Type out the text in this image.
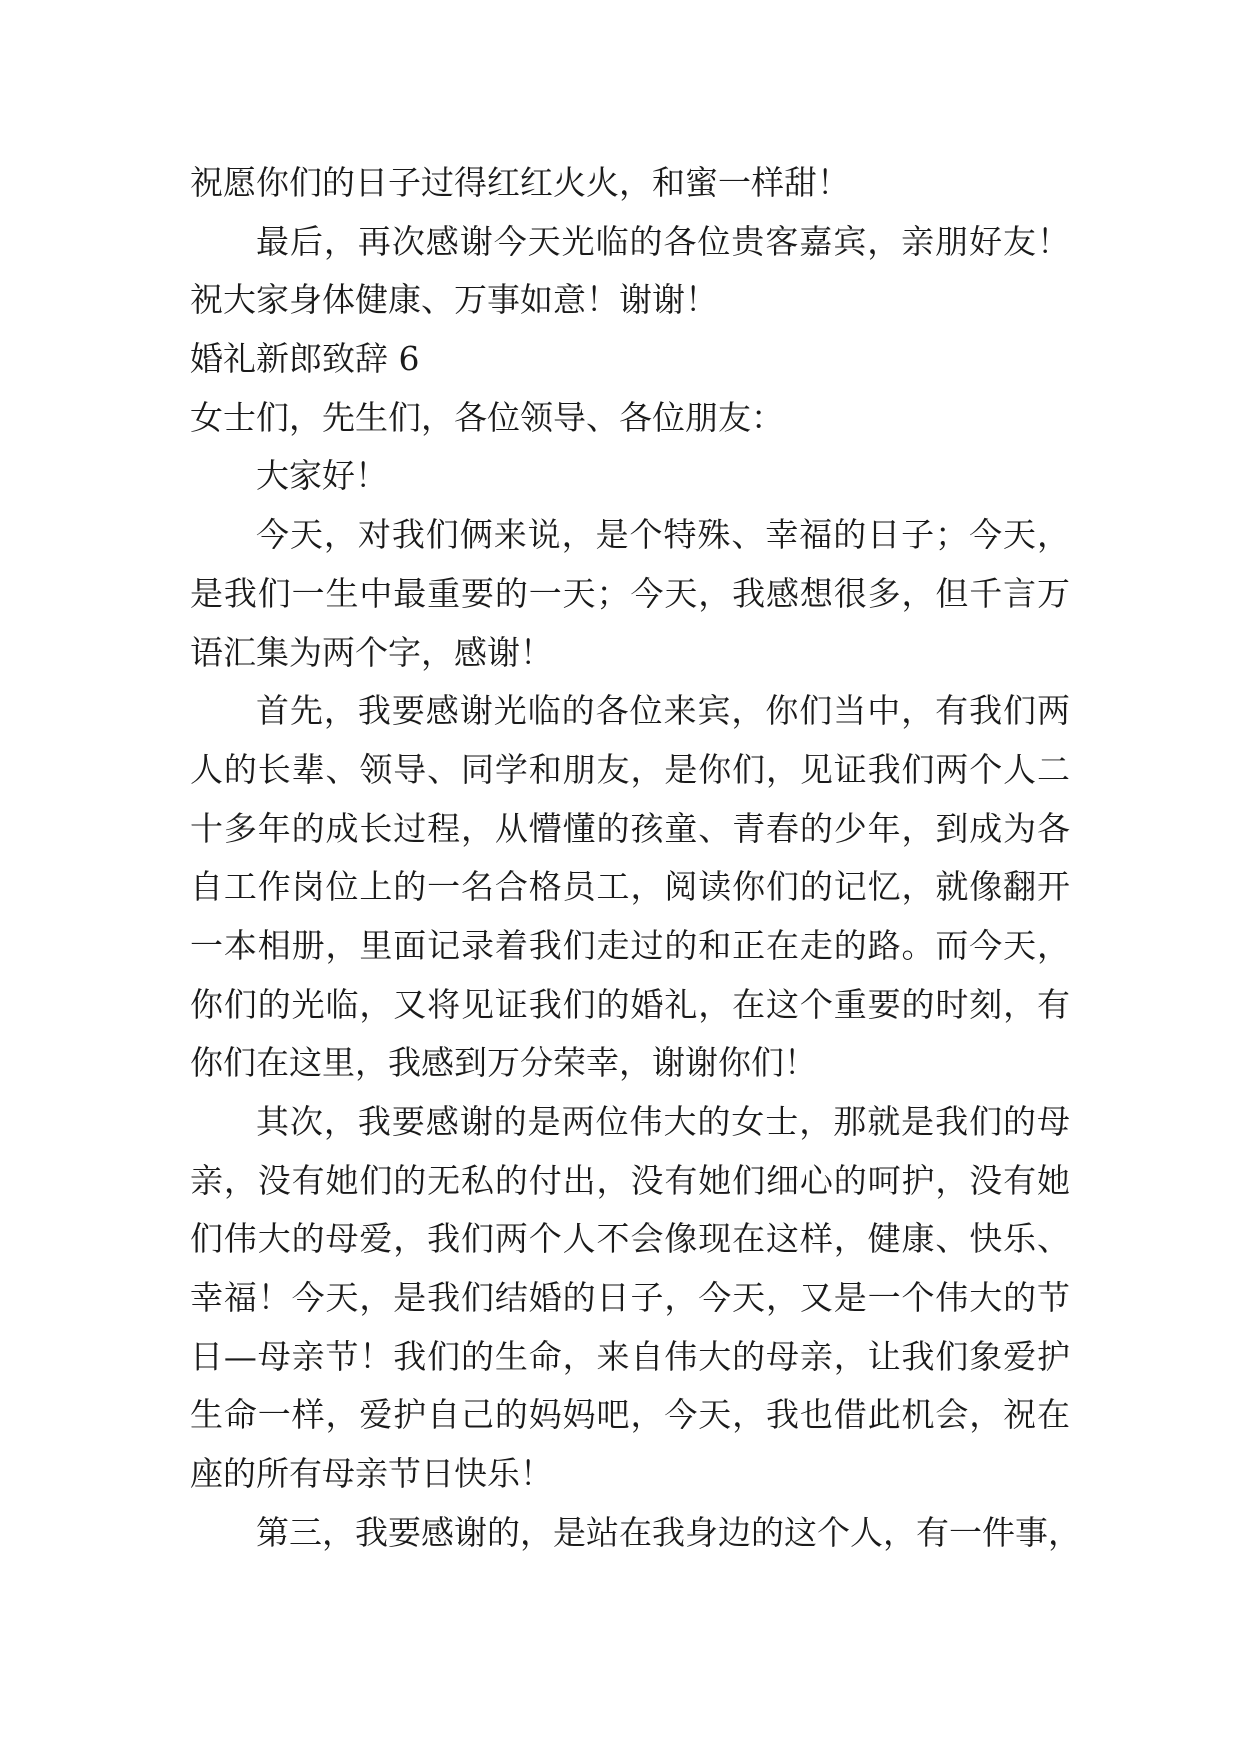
祝愿你们的日子过得红红火火，和蜜一样甜！
最后，再次感谢今天光临的各位贵客嘉宾，亲朋好友！
祝大家身体健康、万事如意！谢谢！
婚礼新郎致辞 6
女士们，先生们，各位领导、各位朋友：
大家好！
今天，对我们俩来说，是个特殊、幸福的日子；今天，
是我们一生中最重要的一天；今天，我感想很多，但千言万
语汇集为两个字，感谢！
首先，我要感谢光临的各位来宾，你们当中，有我们两
人的长辈、领导、同学和朋友，是你们，见证我们两个人二
十多年的成长过程，从懵懂的孩童、青春的少年，到成为各
自工作岗位上的一名合格员工，阅读你们的记忆，就像翻开
一本相册，里面记录着我们走过的和正在走的路。而今天，
你们的光临，又将见证我们的婚礼，在这个重要的时刻，有
你们在这里，我感到万分荣幸，谢谢你们！
其次，我要感谢的是两位伟大的女士，那就是我们的母
亲，没有她们的无私的付出，没有她们细心的呵护，没有她
们伟大的母爱，我们两个人不会像现在这样，健康、快乐、
幸福！今天，是我们结婚的日子，今天，又是一个伟大的节
日—母亲节！我们的生命，来自伟大的母亲，让我们象爱护
生命一样，爱护自己的妈妈吧，今天，我也借此机会，祝在
座的所有母亲节日快乐！
第三，我要感谢的，是站在我身边的这个人，有一件事，
